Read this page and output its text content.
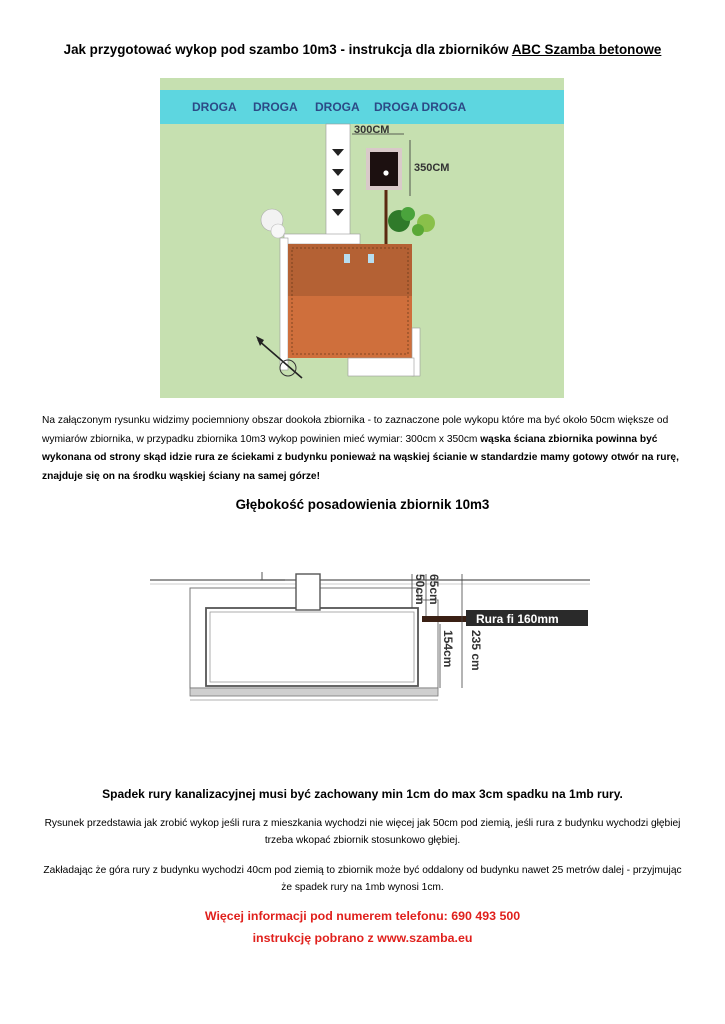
Jak przygotować wykop pod szambo 10m3 - instrukcja dla zbiorników ABC Szamba betonowe
DROGA DROGA DROGA DROGA DROGA
300CM
350CM
Na załączonym rysunku widzimy pociemniony obszar dookoła zbiornika - to zaznaczone pole wykopu które ma być około 50cm większe od wymiarów zbiornika, w przypadku zbiornika 10m3 wykop powinien mieć wymiar: 300cm x 350cm wąska ściana zbiornika powinna być wykonana od strony skąd idzie rura ze ściekami z budynku ponieważ na wąskiej ścianie w standardzie mamy gotowy otwór na rurę, znajduje się on na środku wąskiej ściany na samej górze!
Głębokość posadowienia zbiornik 10m3
Rura fi 160mm
50cm 65cm
154cm 235 cm
Spadek rury kanalizacyjnej musi być zachowany min 1cm do max 3cm spadku na 1mb rury.
Rysunek przedstawia jak zrobić wykop jeśli rura z mieszkania wychodzi nie więcej jak 50cm pod ziemią, jeśli rura z budynku wychodzi głębiej trzeba wkopać zbiornik stosunkowo głębiej.
Zakładając że góra rury z budynku wychodzi 40cm pod ziemią to zbiornik może być oddalony od budynku nawet 25 metrów dalej - przyjmując że spadek rury na 1mb wynosi 1cm.
Więcej informacji pod numerem telefonu: 690 493 500
instrukcję pobrano z www.szamba.eu
